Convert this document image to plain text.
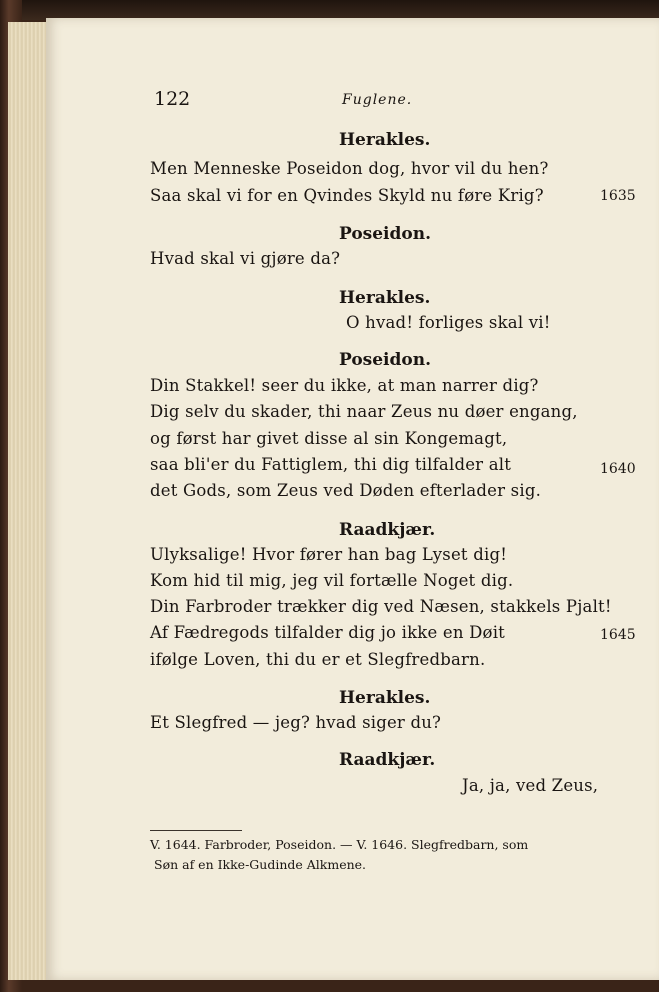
122	Fuglene.
Herakles.
Men Menneske Poseidon dog, hvor vil du hen?
Saa skal vi for en Qvindes Skyld nu føre Krig?	1635
Poseidon.
Hvad skal vi gjøre da?
Herakles.
O hvad! forliges skal vi!
Poseidon.
Din Stakkel! seer du ikke, at man narrer dig?
Dig selv du skader, thi naar Zeus nu døer engang,
og først har givet disse al sin Kongemagt,
saa bli'er du Fattiglem, thi dig tilfalder alt	1640
det Gods, som Zeus ved Døden efterlader sig.
Raadkjær.
Ulyksalige! Hvor fører han bag Lyset dig!
Kom hid til mig, jeg vil fortælle Noget dig.
Din Farbroder trækker dig ved Næsen, stakkels Pjalt!
Af Fædregods tilfalder dig jo ikke en Døit	1645
ifølge Loven, thi du er et Slegfredbarn.
Herakles.
Et Slegfred — jeg? hvad siger du?
Raadkjær.
Ja, ja, ved Zeus,
V. 1644. Farbroder, Poseidon. — V. 1646. Slegfredbarn, som
Søn af en Ikke-Gudinde Alkmene.
